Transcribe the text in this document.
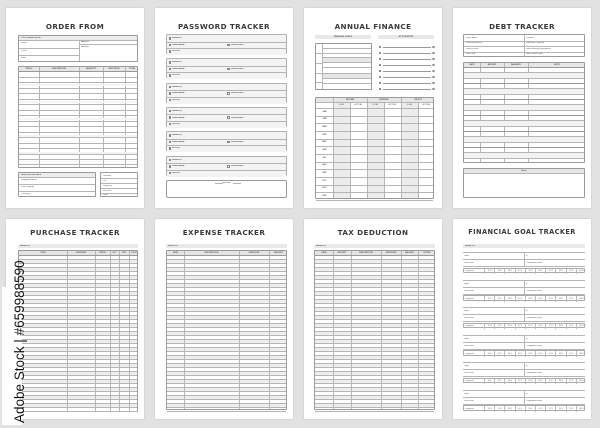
ORDER FROM
CUSTOMER FROM
Name
Phone
Email
Address
NOTES
ITEM #	DESCRIPTION	QUANTITY	UNIT PRICE	TOTAL
SHIPPING DETAILS
Shipping Method
Date Shipped
Tracking #
Subtotal
Tax
Shipping
Discount
Total
PASSWORD TRACKER
WEBSITE
USERNAME	PASSWORD
NOTES
WEBSITE
USERNAME	PASSWORD
NOTES
WEBSITE
USERNAME	PASSWORD
NOTES
WEBSITE
USERNAME	PASSWORD
NOTES
WEBSITE
USERNAME	PASSWORD
NOTES
WEBSITE
USERNAME	PASSWORD
NOTES
NOTES
ANNUAL FINANCE
FINANCIAL GOALS	ACTION STEPS
INCOME	EXPENSE	PROFIT
GOAL	ACTUAL	GOAL	ACTUAL	GOAL	ACTUAL
JAN
FEB
MAR
APR
MAY
JUN
JUL
AUG
SEP
OCT
NOV
DEC
DEBT TRACKER
Debt Name
Starting Balance
Interest Rate
Due Date
Creditor
Minimum Payment
Goal Monthly Repayment
Goal Payoff Date
DATE	AMOUNT	BALANCE	NOTE
Notes
PURCHASE TRACKER
Month Of:
ITEM	SUPPLIER	PRICE	QTY	TAX	COST
EXPENSE TRACKER
Month Of:
DATE	DESCRIPTION	CATEGORY	AMOUNT
TAX DEDUCTION
Month Of:
DATE	RECEIPT	DESCRIPTION	CATEGORY	AMOUNT	NOTES
FINANCIAL GOAL TRACKER
Month Of:
Goal:	$:
Start Date:	Completed Date:
Progress:	10 %	20 %	30 %	40 %	50 %	60 %	70 %	80 %	90 %	100 %
Goal:	$:
Start Date:	Completed Date:
Progress:	10 %	20 %	30 %	40 %	50 %	60 %	70 %	80 %	90 %	100 %
Goal:	$:
Start Date:	Completed Date:
Progress:	10 %	20 %	30 %	40 %	50 %	60 %	70 %	80 %	90 %	100 %
Goal:	$:
Start Date:	Completed Date:
Progress:	10 %	20 %	30 %	40 %	50 %	60 %	70 %	80 %	90 %	100 %
Goal:	$:
Start Date:	Completed Date:
Progress:	10 %	20 %	30 %	40 %	50 %	60 %	70 %	80 %	90 %	100 %
Goal:	$:
Start Date:	Completed Date:
Progress:	10 %	20 %	30 %	40 %	50 %	60 %	70 %	80 %	90 %	100 %
Adobe Stock | #659988590
